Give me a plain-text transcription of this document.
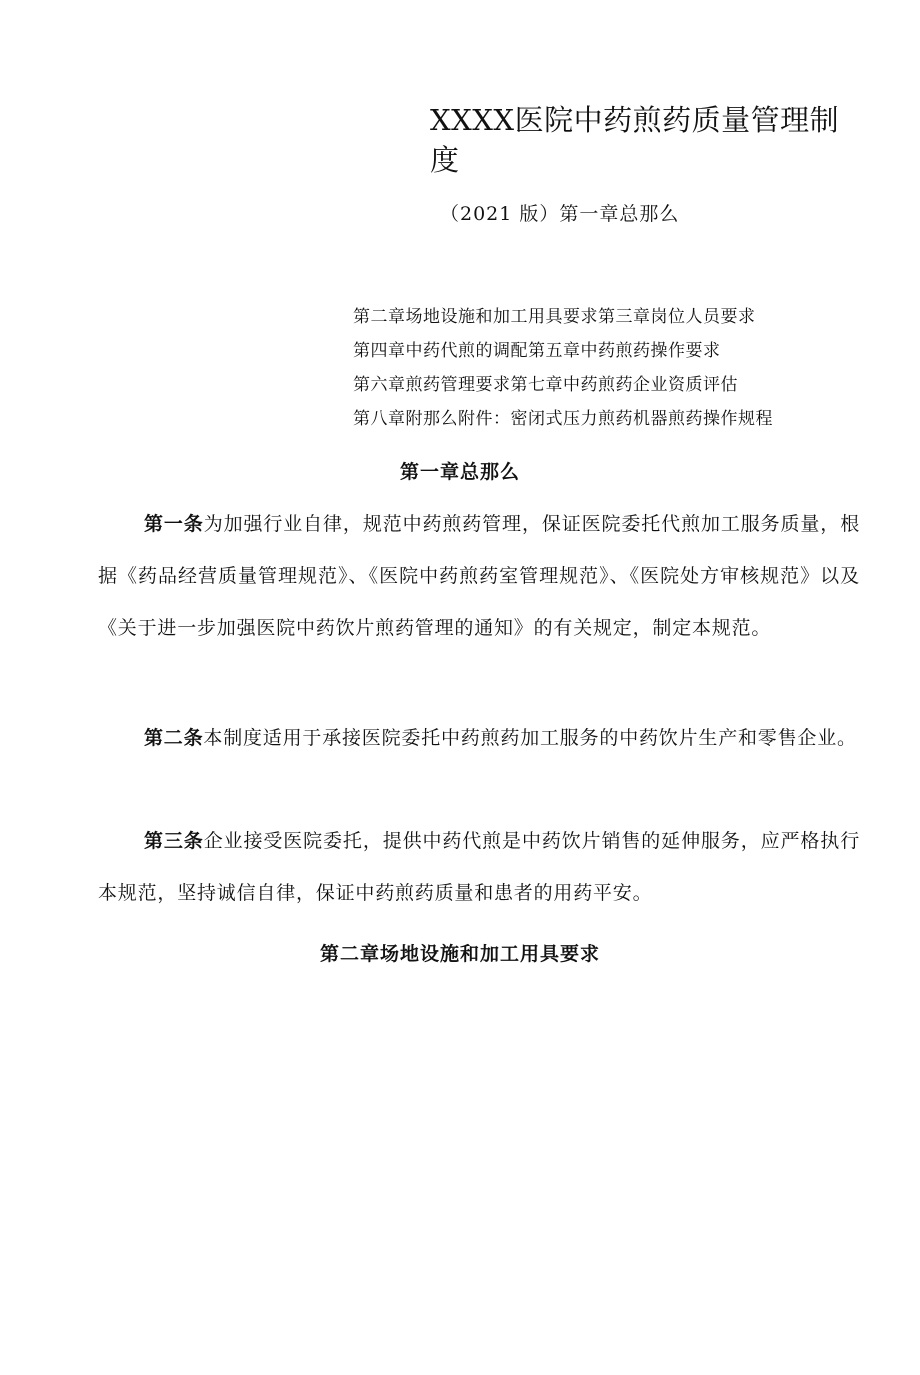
XXXX医院中药煎药质量管理制度
（2021 版）第一章总那么
第二章场地设施和加工用具要求第三章岗位人员要求
第四章中药代煎的调配第五章中药煎药操作要求
第六章煎药管理要求第七章中药煎药企业资质评估
第八章附那么附件：密闭式压力煎药机器煎药操作规程
第一章总那么

第一条为加强行业自律，规范中药煎药管理，保证医院委托代煎加工服务质量，根据《药品经营质量管理规范》、《医院中药煎药室管理规范》、《医院处方审核规范》以及《关于进一步加强医院中药饮片煎药管理的通知》的有关规定，制定本规范。

第二条本制度适用于承接医院委托中药煎药加工服务的中药饮片生产和零售企业。

第三条企业接受医院委托，提供中药代煎是中药饮片销售的延伸服务，应严格执行本规范，坚持诚信自律，保证中药煎药质量和患者的用药平安。

第二章场地设施和加工用具要求
